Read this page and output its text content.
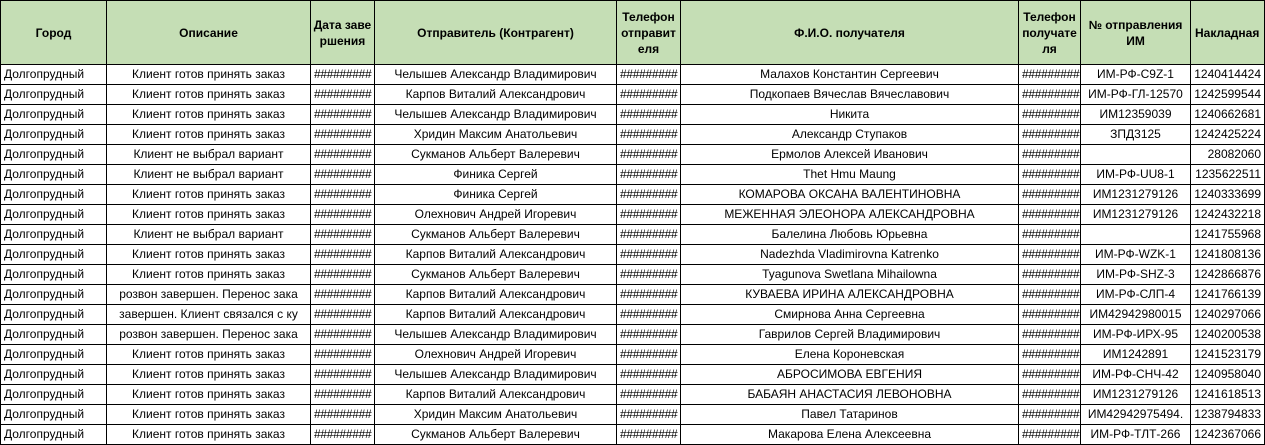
Город	Описание	Дата завершения	Отправитель (Контрагент)	Телефон отправителя	Ф.И.О. получателя	Телефон получателя	№ отправления ИМ	Накладная
Долгопрудный	Клиент готов принять заказ	#########	Челышев Александр Владимирович	#########	Малахов Константин Сергеевич	#########	ИМ-РФ-С9Z-1	1240414424
Долгопрудный	Клиент готов принять заказ	#########	Карпов Виталий Александрович	#########	Подкопаев Вячеслав Вячеславович	#########	ИМ-РФ-ГЛ-12570	1242599544
Долгопрудный	Клиент готов принять заказ	#########	Челышев Александр Владимирович	#########	Никита	#########	ИМ12359039	1240662681
Долгопрудный	Клиент готов принять заказ	#########	Хридин Максим Анатольевич	#########	Александр Ступаков	#########	ЗПД3125	1242425224
Долгопрудный	Клиент не выбрал вариант	#########	Сукманов Альберт Валеревич	#########	Ермолов Алексей Иванович	#########		28082060
Долгопрудный	Клиент не выбрал вариант	#########	Финика Сергей	#########	Thet Hmu Maung	#########	ИМ-РФ-UU8-1	1235622511
Долгопрудный	Клиент готов принять заказ	#########	Финика Сергей	#########	КОМАРОВА ОКСАНА ВАЛЕНТИНОВНА	#########	ИМ1231279126	1240333699
Долгопрудный	Клиент готов принять заказ	#########	Олехнович Андрей Игоревич	#########	МЕЖЕННАЯ ЭЛЕОНОРА АЛЕКСАНДРОВНА	#########	ИМ1231279126	1242432218
Долгопрудный	Клиент не выбрал вариант	#########	Сукманов Альберт Валеревич	#########	Балелина Любовь Юрьевна	#########		1241755968
Долгопрудный	Клиент готов принять заказ	#########	Карпов Виталий Александрович	#########	Nadezhda Vladimirovna Katrenko	#########	ИМ-РФ-WZK-1	1241808136
Долгопрудный	Клиент готов принять заказ	#########	Сукманов Альберт Валеревич	#########	Tyagunova Swetlana Mihailowna	#########	ИМ-РФ-SHZ-3	1242866876
Долгопрудный	розвон завершен. Перенос зака	#########	Карпов Виталий Александрович	#########	КУВАЕВА ИРИНА АЛЕКСАНДРОВНА	#########	ИМ-РФ-СЛП-4	1241766139
Долгопрудный	завершен. Клиент связался с ку	#########	Карпов Виталий Александрович	#########	Смирнова Анна Сергеевна	#########	ИМ42942980015	1240297066
Долгопрудный	розвон завершен. Перенос зака	#########	Челышев Александр Владимирович	#########	Гаврилов Сергей Владимирович	#########	ИМ-РФ-ИРХ-95	1240200538
Долгопрудный	Клиент готов принять заказ	#########	Олехнович Андрей Игоревич	#########	Елена Короневская	#########	ИМ1242891	1241523179
Долгопрудный	Клиент готов принять заказ	#########	Челышев Александр Владимирович	#########	АБРОСИМОВА ЕВГЕНИЯ	#########	ИМ-РФ-СНЧ-42	1240958040
Долгопрудный	Клиент готов принять заказ	#########	Карпов Виталий Александрович	#########	БАБАЯН АНАСТАСИЯ ЛЕВОНОВНА	#########	ИМ1231279126	1241618513
Долгопрудный	Клиент готов принять заказ	#########	Хридин Максим Анатольевич	#########	Павел Татаринов	#########	ИМ42942975494.	1238794833
Долгопрудный	Клиент готов принять заказ	#########	Сукманов Альберт Валеревич	#########	Макарова Елена Алексеевна	#########	ИМ-РФ-ТЛТ-266	1242367066
